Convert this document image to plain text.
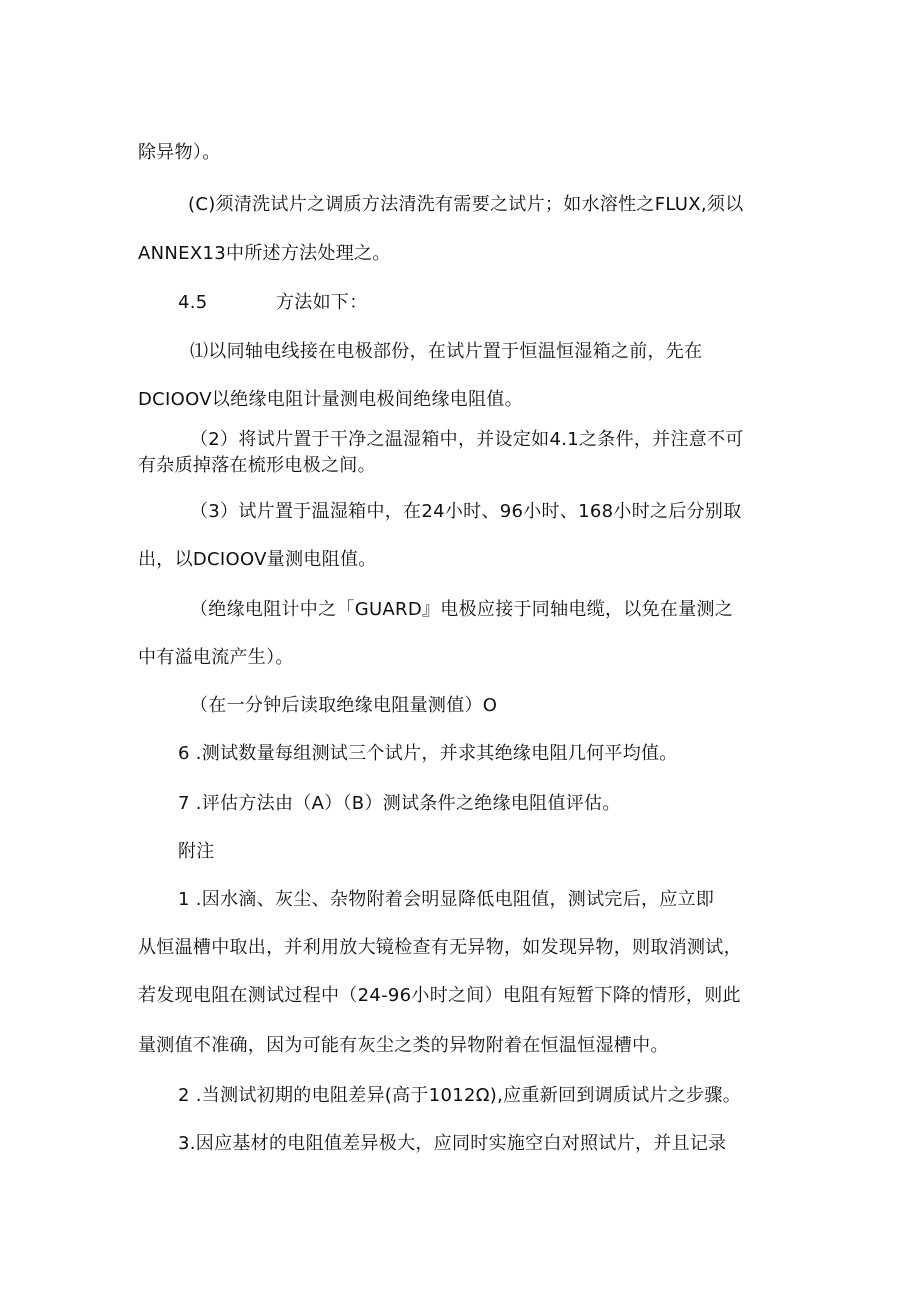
除异物）。
(C)须清洗试片之调质方法清洗有需要之试片；如水溶性之FLUX,须以
ANNEX13中所述方法处理之。
4.5	方法如下：
⑴以同轴电线接在电极部份，在试片置于恒温恒湿箱之前，先在
DCIOOV以绝缘电阻计量测电极间绝缘电阻值。
（2）将试片置于干净之温湿箱中，并设定如4.1之条件，并注意不可
有杂质掉落在梳形电极之间。
（3）试片置于温湿箱中，在24小时、96小时、168小时之后分别取
出，以DCIOOV量测电阻值。
（绝缘电阻计中之「GUARD』电极应接于同轴电缆，以免在量测之
中有溢电流产生）。
（在一分钟后读取绝缘电阻量测值）O
6 .测试数量每组测试三个试片，并求其绝缘电阻几何平均值。
7 .评估方法由（A）（B）测试条件之绝缘电阻值评估。
附注
1 .因水滴、灰尘、杂物附着会明显降低电阻值，测试完后，应立即
从恒温槽中取出，并利用放大镜检查有无异物，如发现异物，则取消测试，
若发现电阻在测试过程中（24-96小时之间）电阻有短暂下降的情形，则此
量测值不准确，因为可能有灰尘之类的异物附着在恒温恒湿槽中。
2 .当测试初期的电阻差异(高于1012Ω),应重新回到调质试片之步骤。
3.因应基材的电阻值差异极大，应同时实施空白对照试片，并且记录
